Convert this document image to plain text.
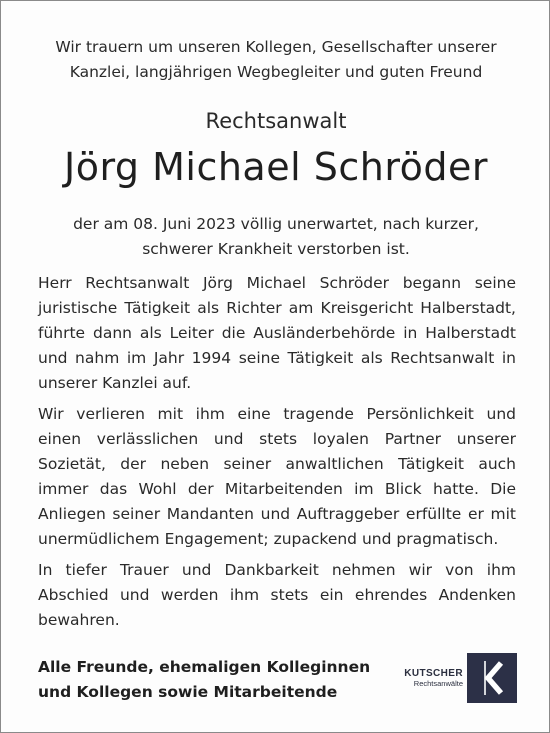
Wir trauern um unseren Kollegen, Gesellschafter unserer
Kanzlei, langjährigen Wegbegleiter und guten Freund
Rechtsanwalt
Jörg Michael Schröder
der am 08. Juni 2023 völlig unerwartet, nach kurzer,
schwerer Krankheit verstorben ist.
Herr Rechtsanwalt Jörg Michael Schröder begann seine
juristische Tätigkeit als Richter am Kreisgericht Halberstadt,
führte dann als Leiter die Ausländerbehörde in Halberstadt
und nahm im Jahr 1994 seine Tätigkeit als Rechtsanwalt in
unserer Kanzlei auf.
Wir verlieren mit ihm eine tragende Persönlichkeit und
einen verlässlichen und stets loyalen Partner unserer
Sozietät, der neben seiner anwaltlichen Tätigkeit auch
immer das Wohl der Mitarbeitenden im Blick hatte. Die
Anliegen seiner Mandanten und Auftraggeber erfüllte er mit
unermüdlichem Engagement; zupackend und pragmatisch.
In tiefer Trauer und Dankbarkeit nehmen wir von ihm
Abschied und werden ihm stets ein ehrendes Andenken
bewahren.
Alle Freunde, ehemaligen Kolleginnen
und Kollegen sowie Mitarbeitende
KUTSCHER
Rechtsanwälte
